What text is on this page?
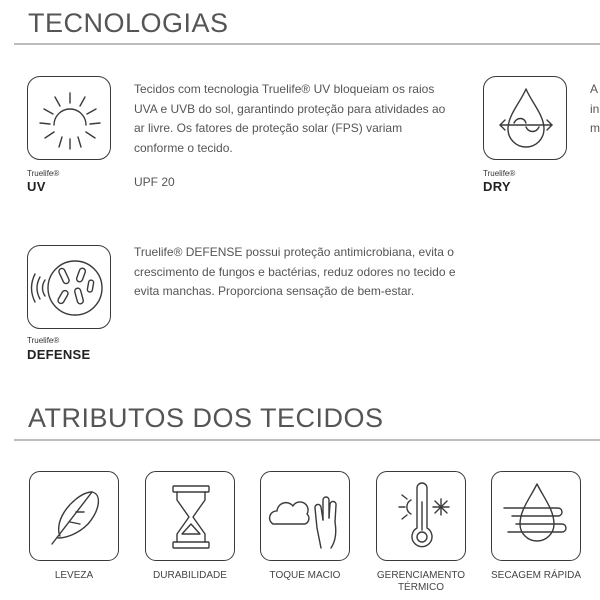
TECNOLOGIAS
Truelife®
UV

Tecidos com tecnologia Truelife® UV bloqueiam os raios UVA e UVB do sol, garantindo proteção para atividades ao ar livre. Os fatores de proteção solar (FPS) variam conforme o tecido.

UPF 20
Truelife®
DRY

A in m

Truelife®
DEFENSE

Truelife® DEFENSE possui proteção antimicrobiana, evita o crescimento de fungos e bactérias, reduz odores no tecido e evita manchas. Proporciona sensação de bem-estar.

ATRIBUTOS DOS TECIDOS
LEVEZA	DURABILIDADE	TOQUE MACIO	GERENCIAMENTO TÉRMICO
SECAGEM RÁPIDA
